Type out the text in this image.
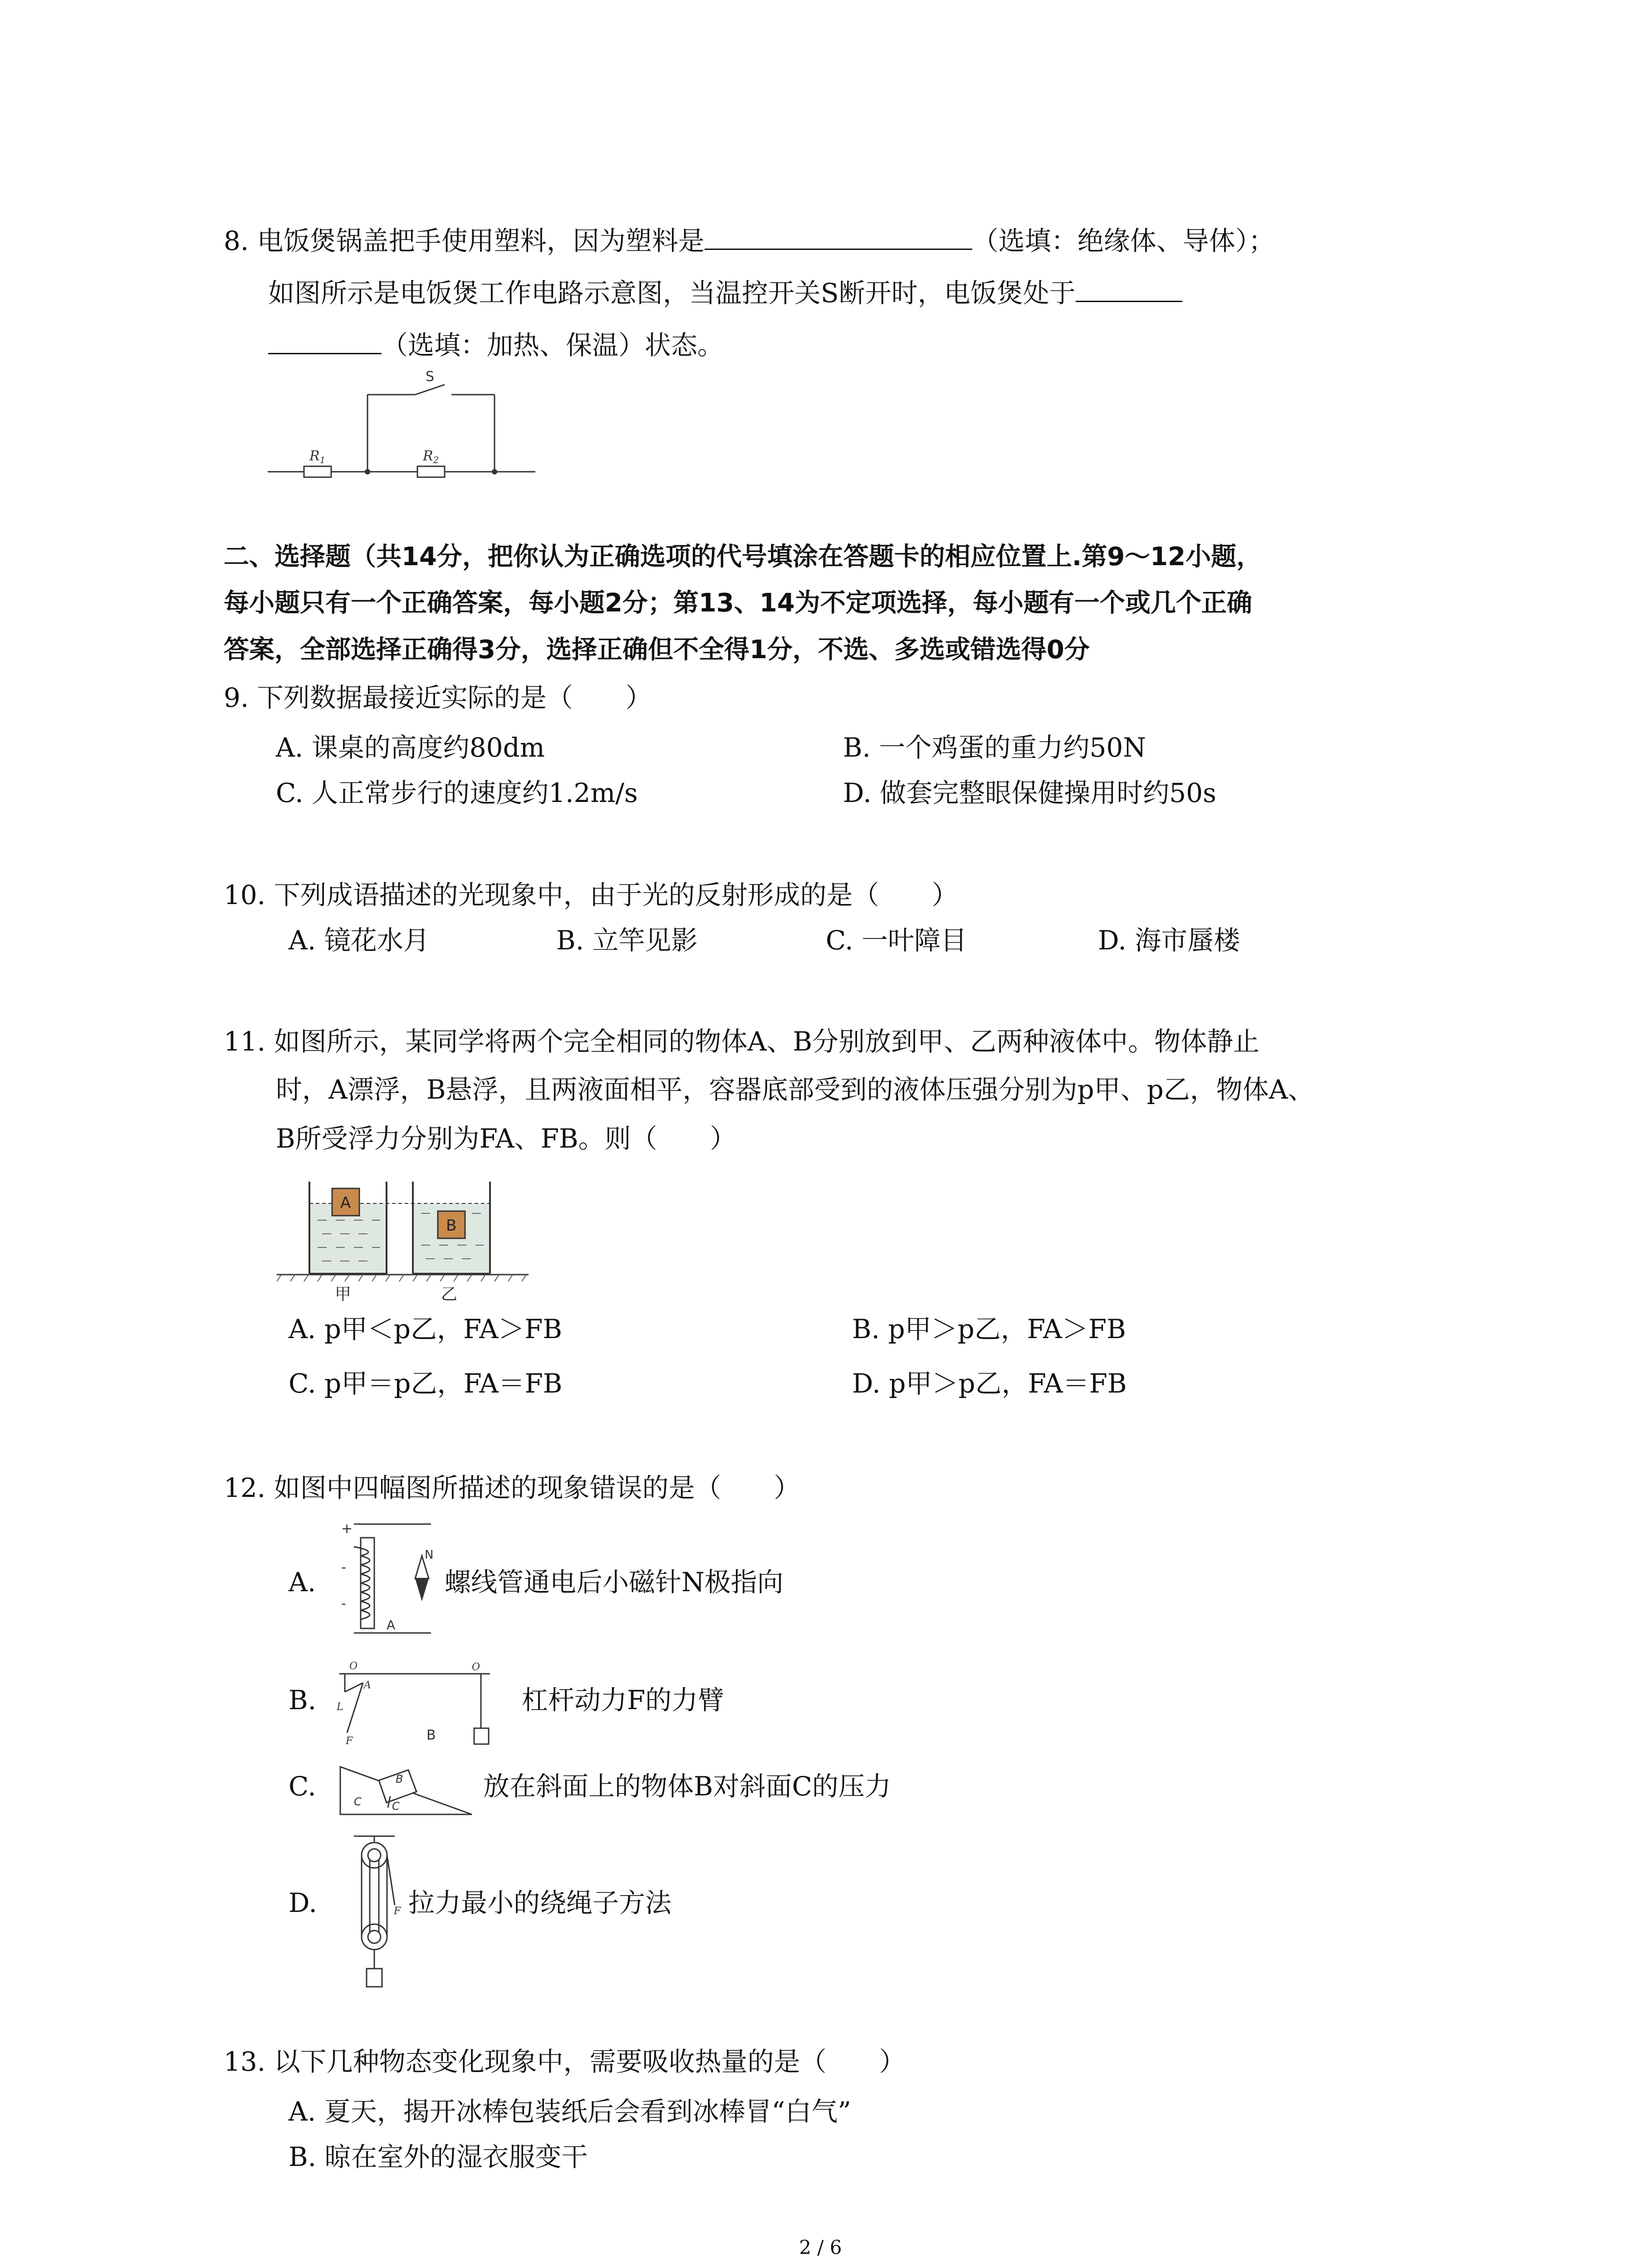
8. 电饭煲锅盖把手使用塑料，因为塑料是	（选填：绝缘体、导体）；
如图所示是电饭煲工作电路示意图，当温控开关S断开时，电饭煲处于
（选填：加热、保温）状态。
S
$R_1$	$R_2$
二、选择题（共14分，把你认为正确选项的代号填涂在答题卡的相应位置上.第9～12小题，
每小题只有一个正确答案，每小题2分；第13、14为不定项选择，每小题有一个或几个正确
答案，全部选择正确得3分，选择正确但不全得1分，不选、多选或错选得0分
9. 下列数据最接近实际的是（　　）
A. 课桌的高度约80dm	B. 一个鸡蛋的重力约50N
C. 人正常步行的速度约1.2m/s	D. 做套完整眼保健操用时约50s
10. 下列成语描述的光现象中，由于光的反射形成的是（　　）
A. 镜花水月	B. 立竿见影	C. 一叶障目	D. 海市蜃楼
11. 如图所示，某同学将两个完全相同的物体A、B分别放到甲、乙两种液体中。物体静止
时，A漂浮，B悬浮，且两液面相平，容器底部受到的液体压强分别为p甲、p乙，物体A、
B所受浮力分别为FA、FB。则（　　）
A
B
甲	乙
A. p甲＜p乙，FA＞FB	B. p甲＞p乙，FA＞FB
C. p甲＝p乙，FA＝FB	D. p甲＞p乙，FA＝FB
12. 如图中四幅图所描述的现象错误的是（　　）
A.
+
-
-
N
A
螺线管通电后小磁针N极指向
B.
O
A
L
F	B
O
杠杆动力F的力臂
C.	B
C	C
放在斜面上的物体B对斜面C的压力
D.	F 拉力最小的绕绳子方法
13. 以下几种物态变化现象中，需要吸收热量的是（　　）
A. 夏天，揭开冰棒包装纸后会看到冰棒冒“白气”
B. 晾在室外的湿衣服变干
2 / 6
